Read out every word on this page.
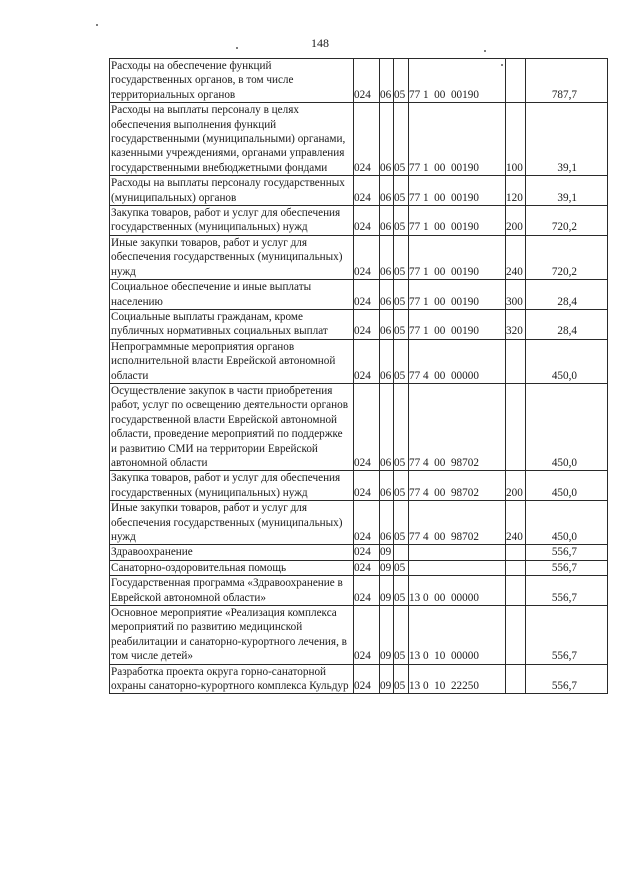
148
Расходы на обеспечение функций государственных органов, в том числе территориальных органов	024	06	05	77 1  00  00190		787,7
Расходы на выплаты персоналу в целях обеспечения выполнения функций государственными (муниципальными) органами, казенными учреждениями, органами управления государственными внебюджетными фондами	024	06	05	77 1  00  00190	100	39,1
Расходы на выплаты персоналу государственных (муниципальных) органов	024	06	05	77 1  00  00190	120	39,1
Закупка товаров, работ и услуг для обеспечения государственных (муниципальных) нужд	024	06	05	77 1  00  00190	200	720,2
Иные закупки товаров, работ и услуг для обеспечения государственных (муниципальных) нужд	024	06	05	77 1  00  00190	240	720,2
Социальное обеспечение и иные выплаты населению	024	06	05	77 1  00  00190	300	28,4
Социальные выплаты гражданам, кроме публичных нормативных социальных выплат	024	06	05	77 1  00  00190	320	28,4
Непрограммные мероприятия органов исполнительной власти Еврейской автономной области	024	06	05	77 4  00  00000		450,0
Осуществление закупок в части приобретения работ, услуг по освещению деятельности органов государственной власти Еврейской автономной области, проведение мероприятий по поддержке и развитию СМИ на территории Еврейской автономной области	024	06	05	77 4  00  98702		450,0
Закупка товаров, работ и услуг для обеспечения государственных (муниципальных) нужд	024	06	05	77 4  00  98702	200	450,0
Иные закупки товаров, работ и услуг для обеспечения государственных (муниципальных) нужд	024	06	05	77 4  00  98702	240	450,0
Здравоохранение	024	09				556,7
Санаторно-оздоровительная помощь	024	09	05			556,7
Государственная программа «Здравоохранение в Еврейской автономной области»	024	09	05	13 0  00  00000		556,7
Основное мероприятие «Реализация комплекса мероприятий по развитию медицинской реабилитации и санаторно-курортного лечения, в том числе детей»	024	09	05	13 0  10  00000		556,7
Разработка проекта округа горно-санаторной охраны санаторно-курортного комплекса Кульдур	024	09	05	13 0  10  22250		556,7
